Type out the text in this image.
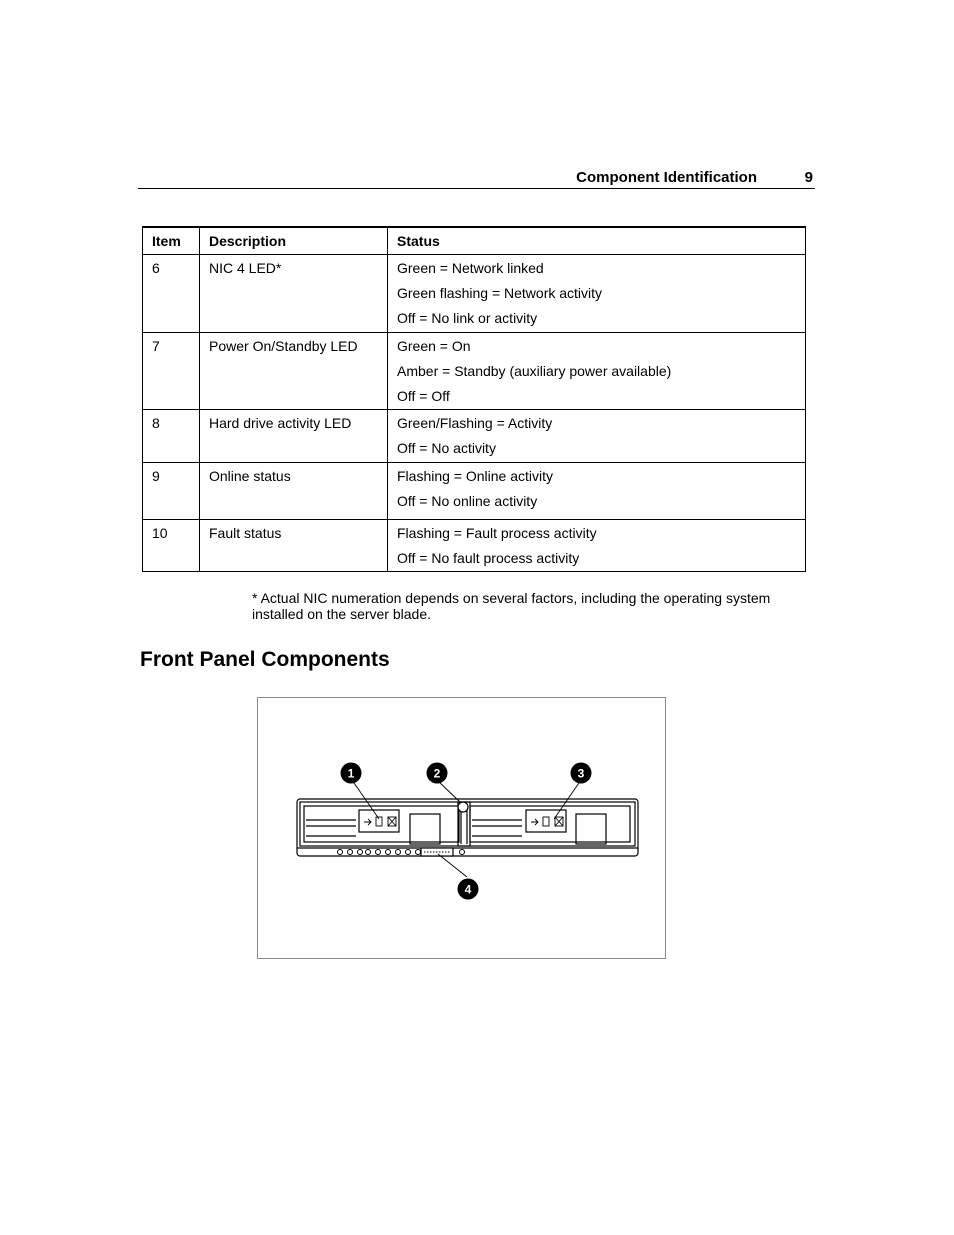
Component Identification	9
Item	Description	Status
6	NIC 4 LED*	Green = Network linked
Green flashing = Network activity
Off = No link or activity

7	Power On/Standby LED	Green = On
Amber = Standby (auxiliary power available)
Off = Off

8	Hard drive activity LED	Green/Flashing = Activity
Off = No activity

9	Online status	Flashing = Online activity
Off = No online activity

10	Fault status	Flashing = Fault process activity
Off = No fault process activity
* Actual NIC numeration depends on several factors, including the operating system installed on the server blade.
Front Panel Components
1	2	3
4
